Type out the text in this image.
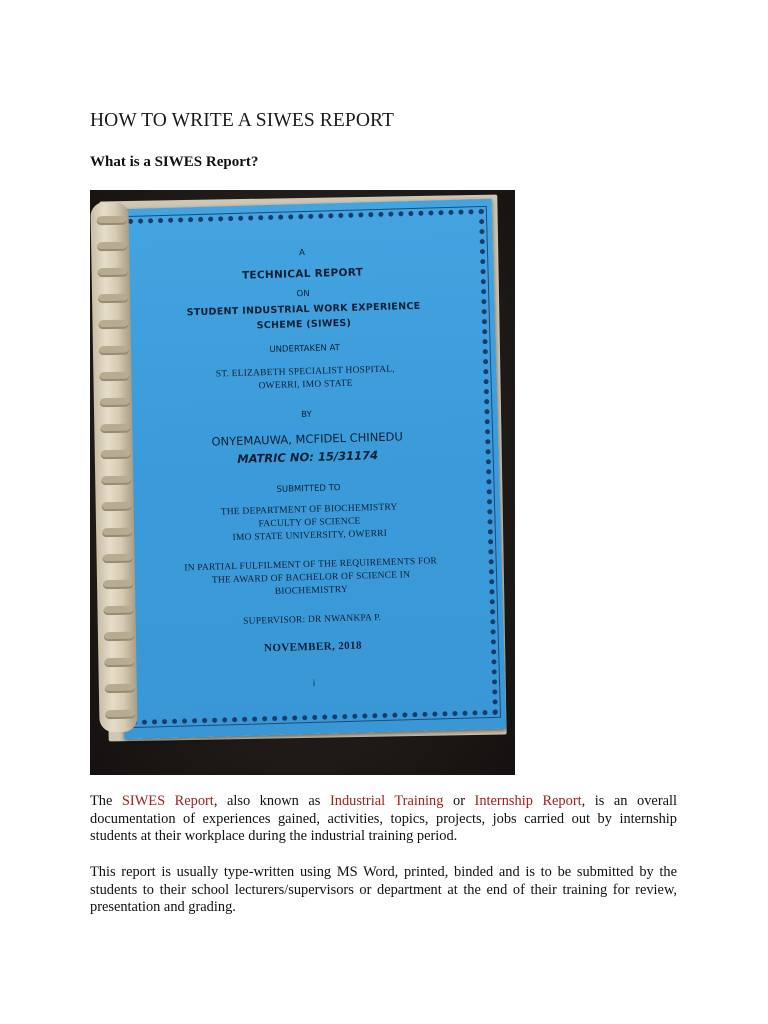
HOW TO WRITE A SIWES REPORT
What is a SIWES Report?
A
TECHNICAL REPORT
ON
STUDENT INDUSTRIAL WORK EXPERIENCE
SCHEME (SIWES)
UNDERTAKEN AT
ST. ELIZABETH SPECIALIST HOSPITAL,
OWERRI, IMO STATE
BY
ONYEMAUWA, MCFIDEL CHINEDU
MATRIC NO: 15/31174
SUBMITTED TO
THE DEPARTMENT OF BIOCHEMISTRY
FACULTY OF SCIENCE
IMO STATE UNIVERSITY, OWERRI
IN PARTIAL FULFILMENT OF THE REQUIREMENTS FOR
THE AWARD OF BACHELOR OF SCIENCE IN
BIOCHEMISTRY
SUPERVISOR: DR NWANKPA P.
NOVEMBER, 2018
i

The SIWES Report, also known as Industrial Training or Internship Report, is an overall documentation of experiences gained, activities, topics, projects, jobs carried out by internship students at their workplace during the industrial training period.

This report is usually type-written using MS Word, printed, binded and is to be submitted by the students to their school lecturers/supervisors or department at the end of their training for review, presentation and grading.
